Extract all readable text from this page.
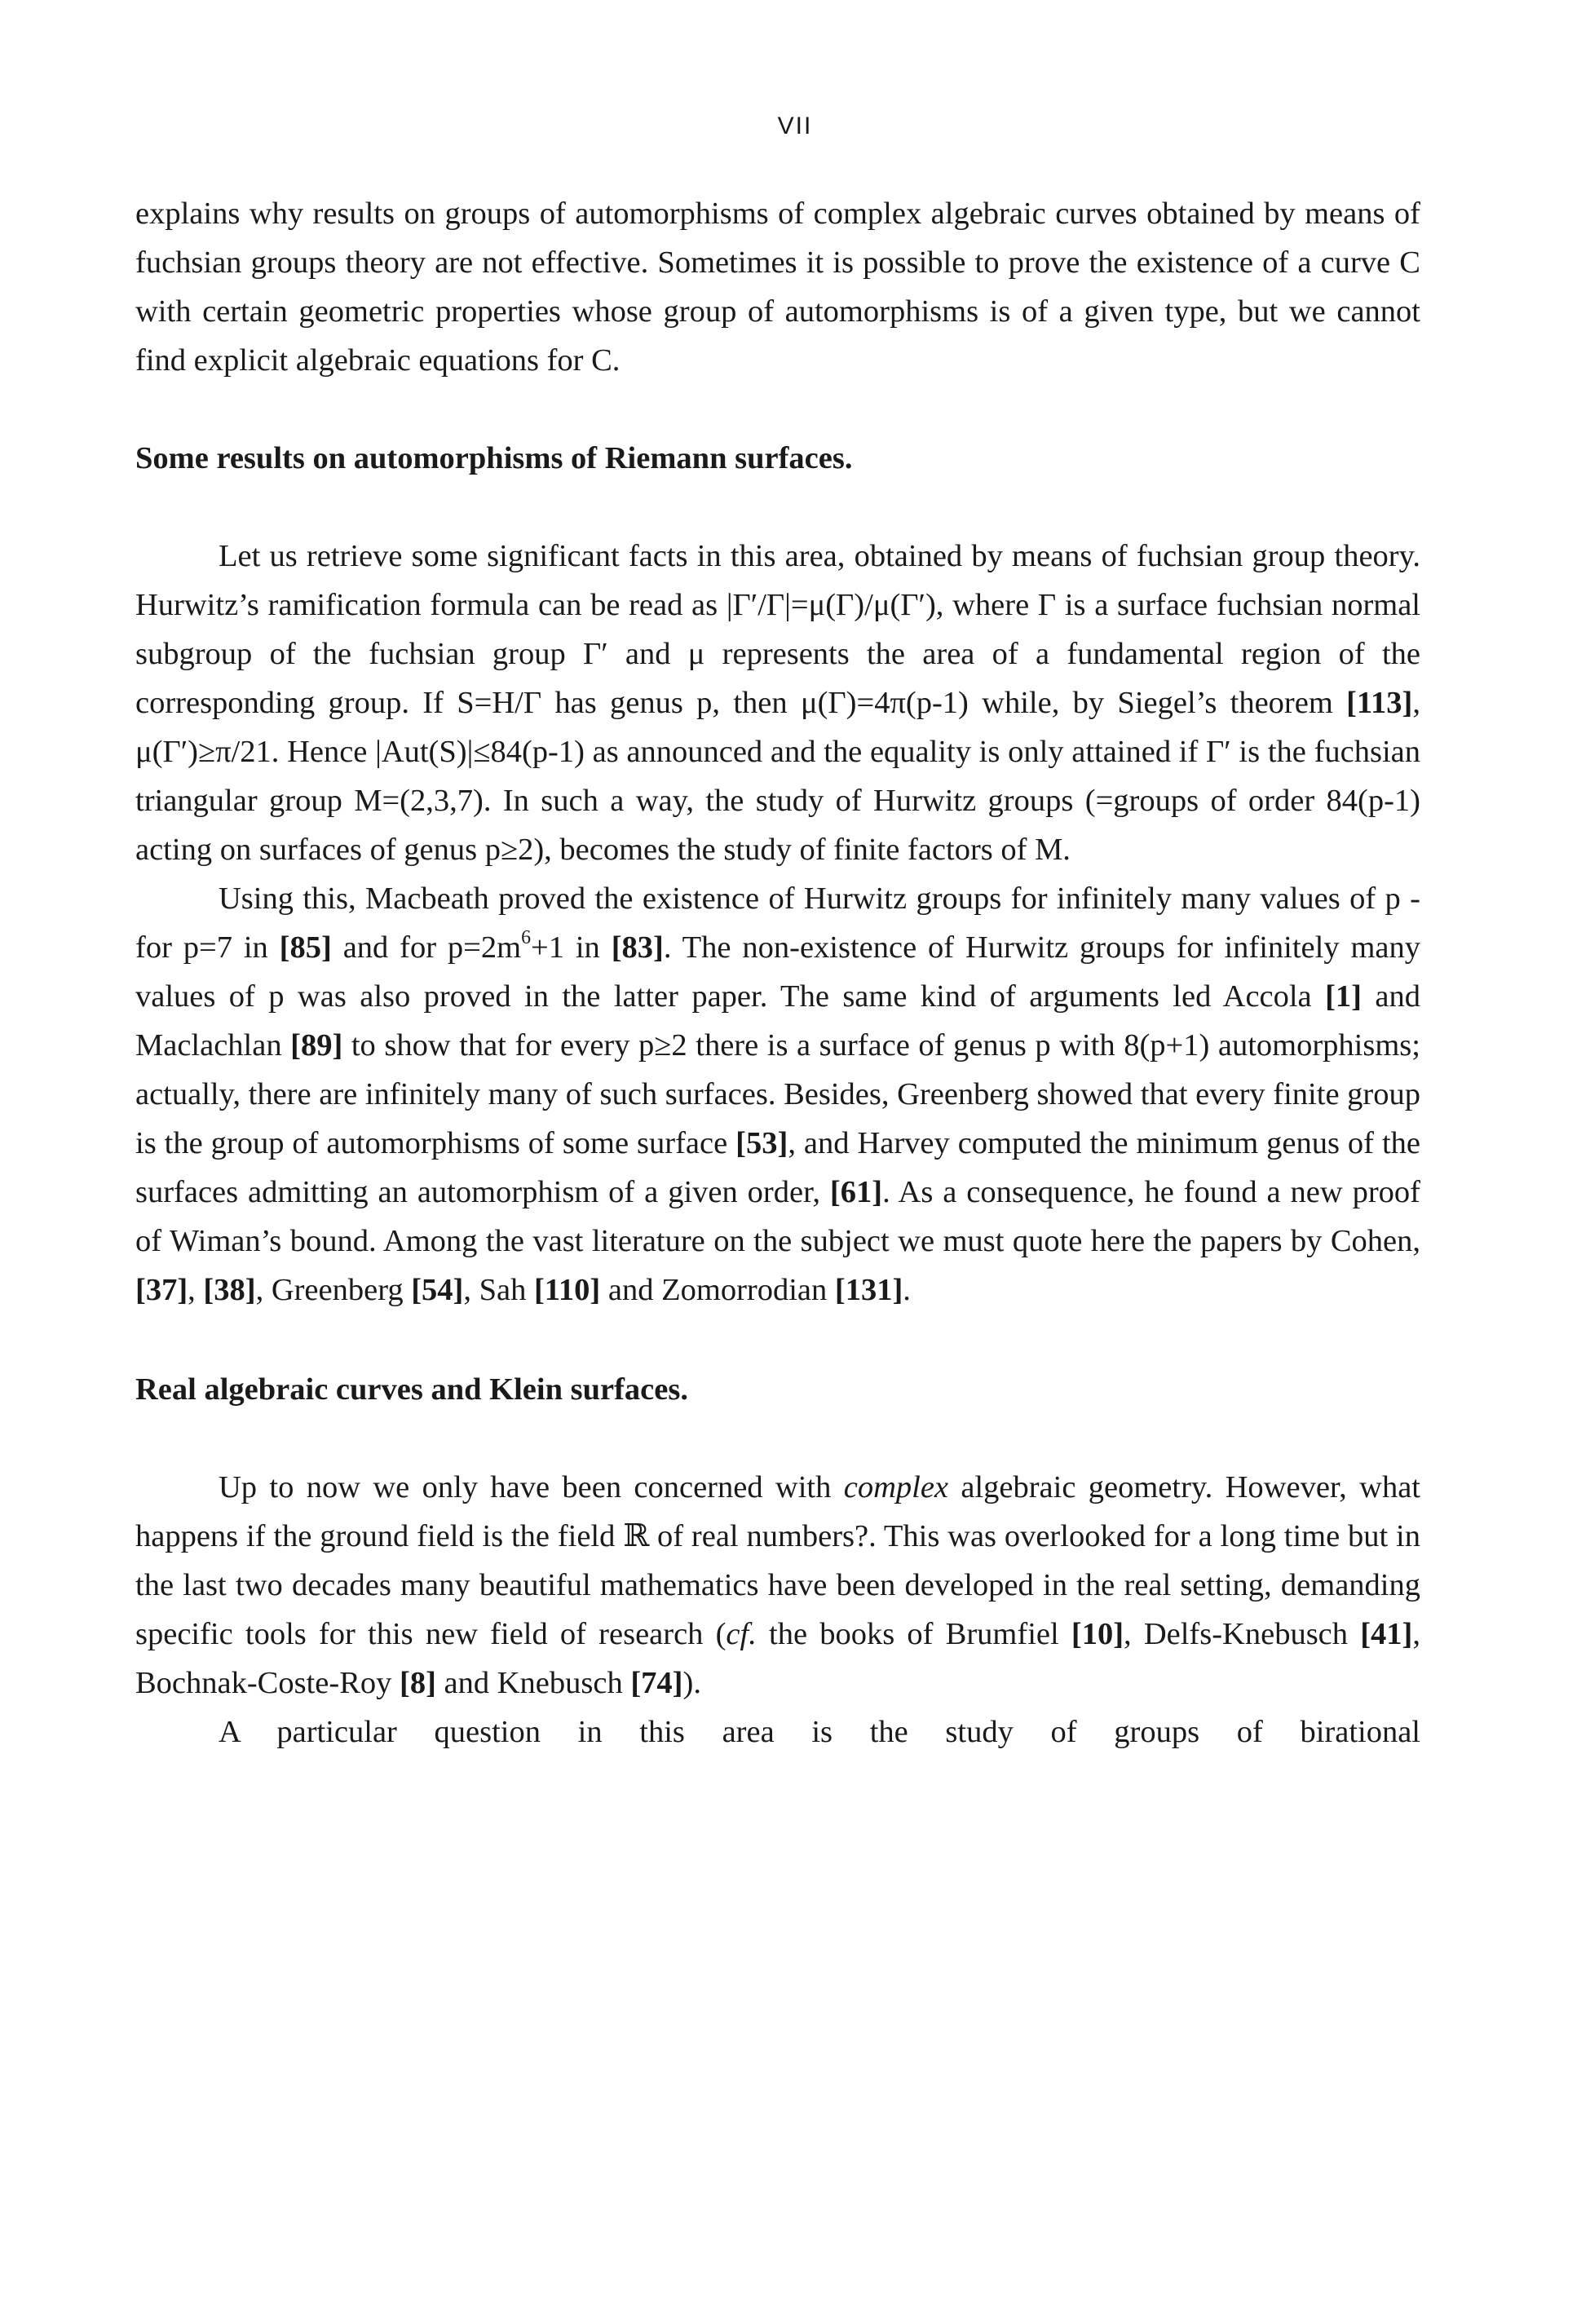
VII

explains why results on groups of automorphisms of complex algebraic curves obtained by means of fuchsian groups theory are not effective. Sometimes it is possible to prove the existence of a curve C with certain geometric properties whose group of automorphisms is of a given type, but we cannot find explicit algebraic equations for C.

Some results on automorphisms of Riemann surfaces.

Let us retrieve some significant facts in this area, obtained by means of fuchsian group theory. Hurwitz’s ramification formula can be read as |Γ′/Γ|=μ(Γ)/μ(Γ′), where Γ is a surface fuchsian normal subgroup of the fuchsian group Γ′ and μ represents the area of a fundamental region of the corresponding group. If S=H/Γ has genus p, then μ(Γ)=4π(p-1) while, by Siegel’s theorem [113], μ(Γ′)≥π/21. Hence |Aut(S)|≤84(p-1) as announced and the equality is only attained if Γ′ is the fuchsian triangular group M=(2,3,7). In such a way, the study of Hurwitz groups (=groups of order 84(p-1) acting on surfaces of genus p≥2), becomes the study of finite factors of M.

Using this, Macbeath proved the existence of Hurwitz groups for infinitely many values of p - for p=7 in [85] and for $p=2m^6+1$ in [83]. The non-existence of Hurwitz groups for infinitely many values of p was also proved in the latter paper. The same kind of arguments led Accola [1] and Maclachlan [89] to show that for every p≥2 there is a surface of genus p with 8(p+1) automorphisms; actually, there are infinitely many of such surfaces. Besides, Greenberg showed that every finite group is the group of automorphisms of some surface [53], and Harvey computed the minimum genus of the surfaces admitting an automorphism of a given order, [61]. As a consequence, he found a new proof of Wiman’s bound. Among the vast literature on the subject we must quote here the papers by Cohen, [37], [38], Greenberg [54], Sah [110] and Zomorrodian [131].

Real algebraic curves and Klein surfaces.

Up to now we only have been concerned with complex algebraic geometry. However, what happens if the ground field is the field ℝ of real numbers?. This was overlooked for a long time but in the last two decades many beautiful mathematics have been developed in the real setting, demanding specific tools for this new field of research (cf. the books of Brumfiel [10], Delfs-Knebusch [41], Bochnak-Coste-Roy [8] and Knebusch [74]).

A particular question in this area is the study of groups of birational
